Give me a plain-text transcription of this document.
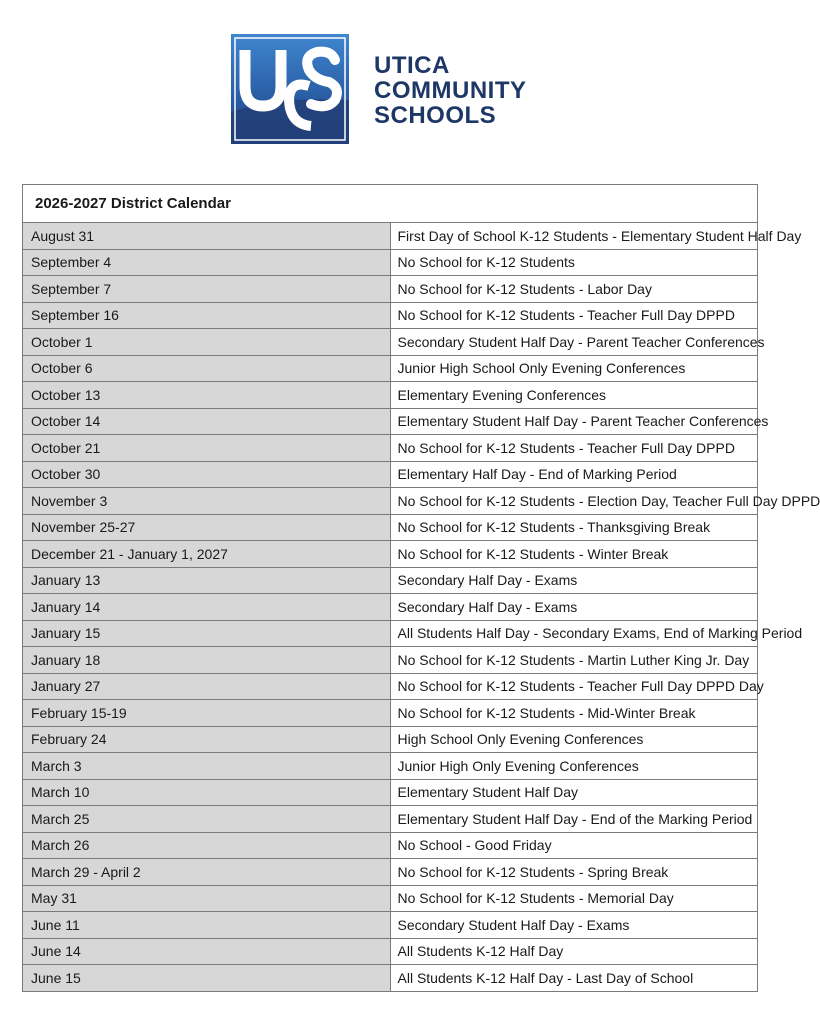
UTICA
COMMUNITY
SCHOOLS
2026-2027 District Calendar	
August 31	First Day of School K-12 Students - Elementary Student Half Day
September 4	No School for K-12 Students
September 7	No School for K-12 Students - Labor Day
September 16	No School for K-12 Students - Teacher Full Day DPPD
October 1	Secondary Student Half Day - Parent Teacher Conferences
October 6	Junior High School Only Evening Conferences
October 13	Elementary Evening Conferences
October 14	Elementary Student Half Day - Parent Teacher Conferences
October 21	No School for K-12 Students - Teacher Full Day DPPD
October 30	Elementary Half Day - End of Marking Period
November 3	No School for K-12 Students - Election Day, Teacher Full Day DPPD
November 25-27	No School for K-12 Students - Thanksgiving Break
December 21 - January 1, 2027	No School for K-12 Students - Winter Break
January 13	Secondary Half Day - Exams
January 14	Secondary Half Day - Exams
January 15	All Students Half Day - Secondary Exams, End of Marking Period
January 18	No School for K-12 Students - Martin Luther King Jr. Day
January 27	No School for K-12 Students - Teacher Full Day DPPD Day
February 15-19	No School for K-12 Students - Mid-Winter Break
February 24	High School Only Evening Conferences
March 3	Junior High Only Evening Conferences
March 10	Elementary Student Half Day
March 25	Elementary Student Half Day - End of the Marking Period
March 26	No School - Good Friday
March 29 - April 2	No School for K-12 Students - Spring Break
May 31	No School for K-12 Students - Memorial Day
June 11	Secondary Student Half Day - Exams
June 14	All Students K-12 Half Day
June 15	All Students K-12 Half Day - Last Day of School
